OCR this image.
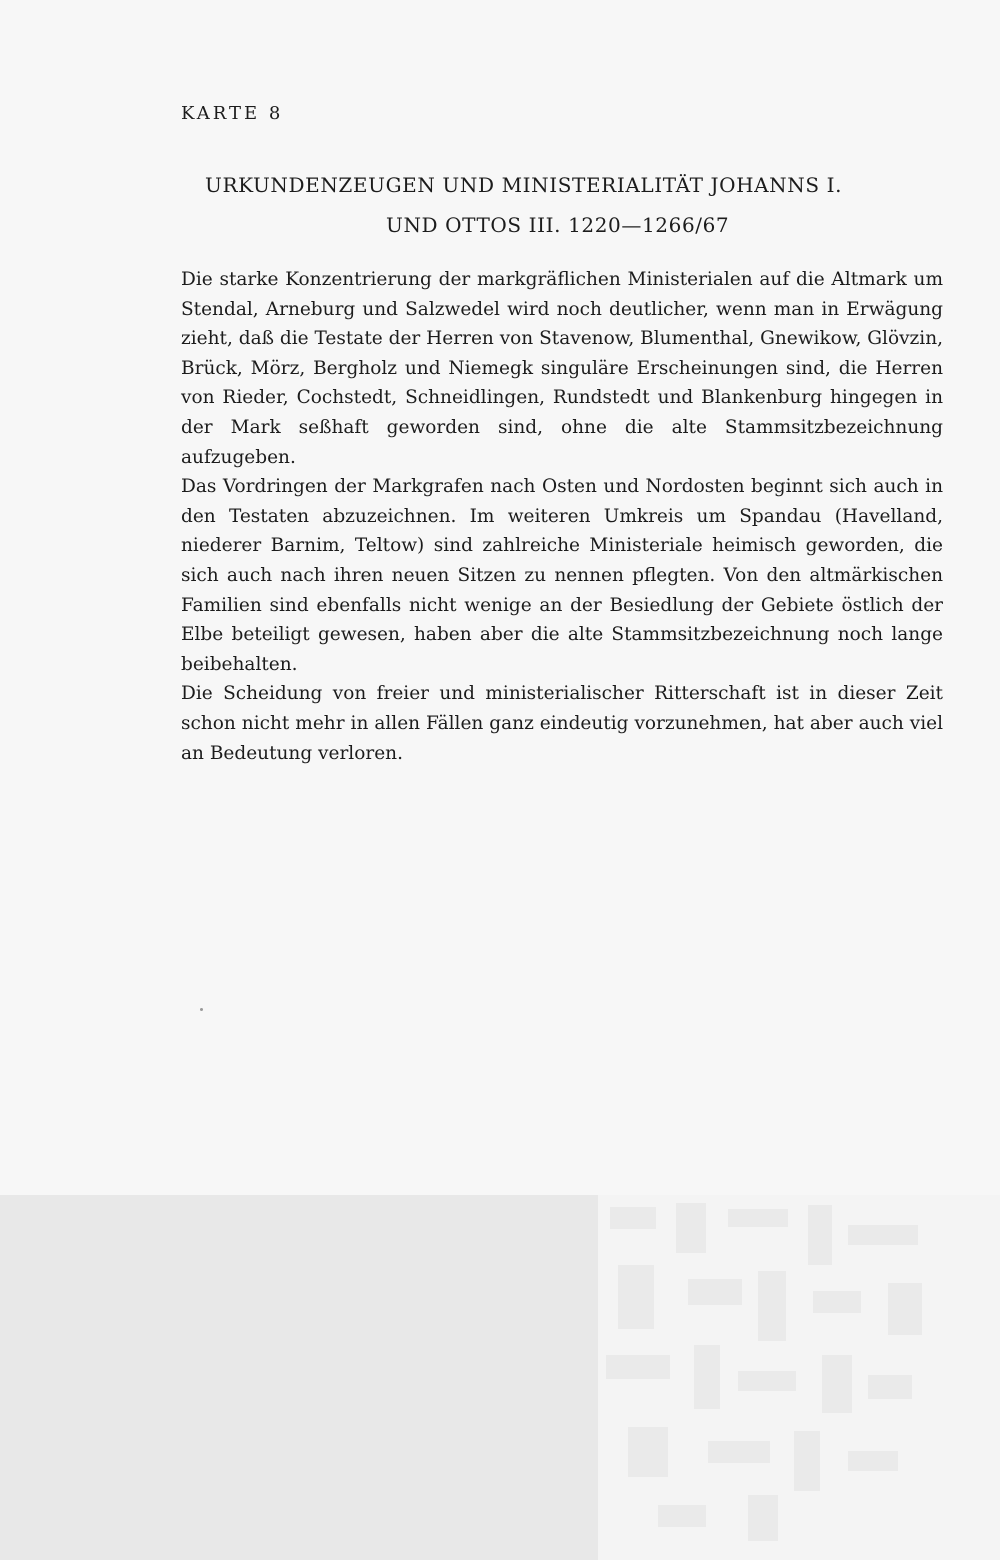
KARTE 8
URKUNDENZEUGEN UND MINISTERIALITÄT JOHANNS I.
UND OTTOS III. 1220—1266/67

Die starke Konzentrierung der markgräflichen Ministerialen auf die Altmark um Stendal, Arneburg und Salzwedel wird noch deutlicher, wenn man in Erwägung zieht, daß die Testate der Herren von Stavenow, Blumenthal, Gnewikow, Glövzin, Brück, Mörz, Bergholz und Niemegk singuläre Erscheinungen sind, die Herren von Rieder, Cochstedt, Schneidlingen, Rundstedt und Blankenburg hingegen in der Mark seßhaft geworden sind, ohne die alte Stammsitzbezeichnung aufzugeben.

Das Vordringen der Markgrafen nach Osten und Nordosten beginnt sich auch in den Testaten abzuzeichnen. Im weiteren Umkreis um Spandau (Havelland, niederer Barnim, Teltow) sind zahlreiche Ministeriale heimisch geworden, die sich auch nach ihren neuen Sitzen zu nennen pflegten. Von den altmärkischen Familien sind ebenfalls nicht wenige an der Besiedlung der Gebiete östlich der Elbe beteiligt gewesen, haben aber die alte Stammsitzbezeichnung noch lange beibehalten.

Die Scheidung von freier und ministerialischer Ritterschaft ist in dieser Zeit schon nicht mehr in allen Fällen ganz eindeutig vorzunehmen, hat aber auch viel an Bedeutung verloren.
